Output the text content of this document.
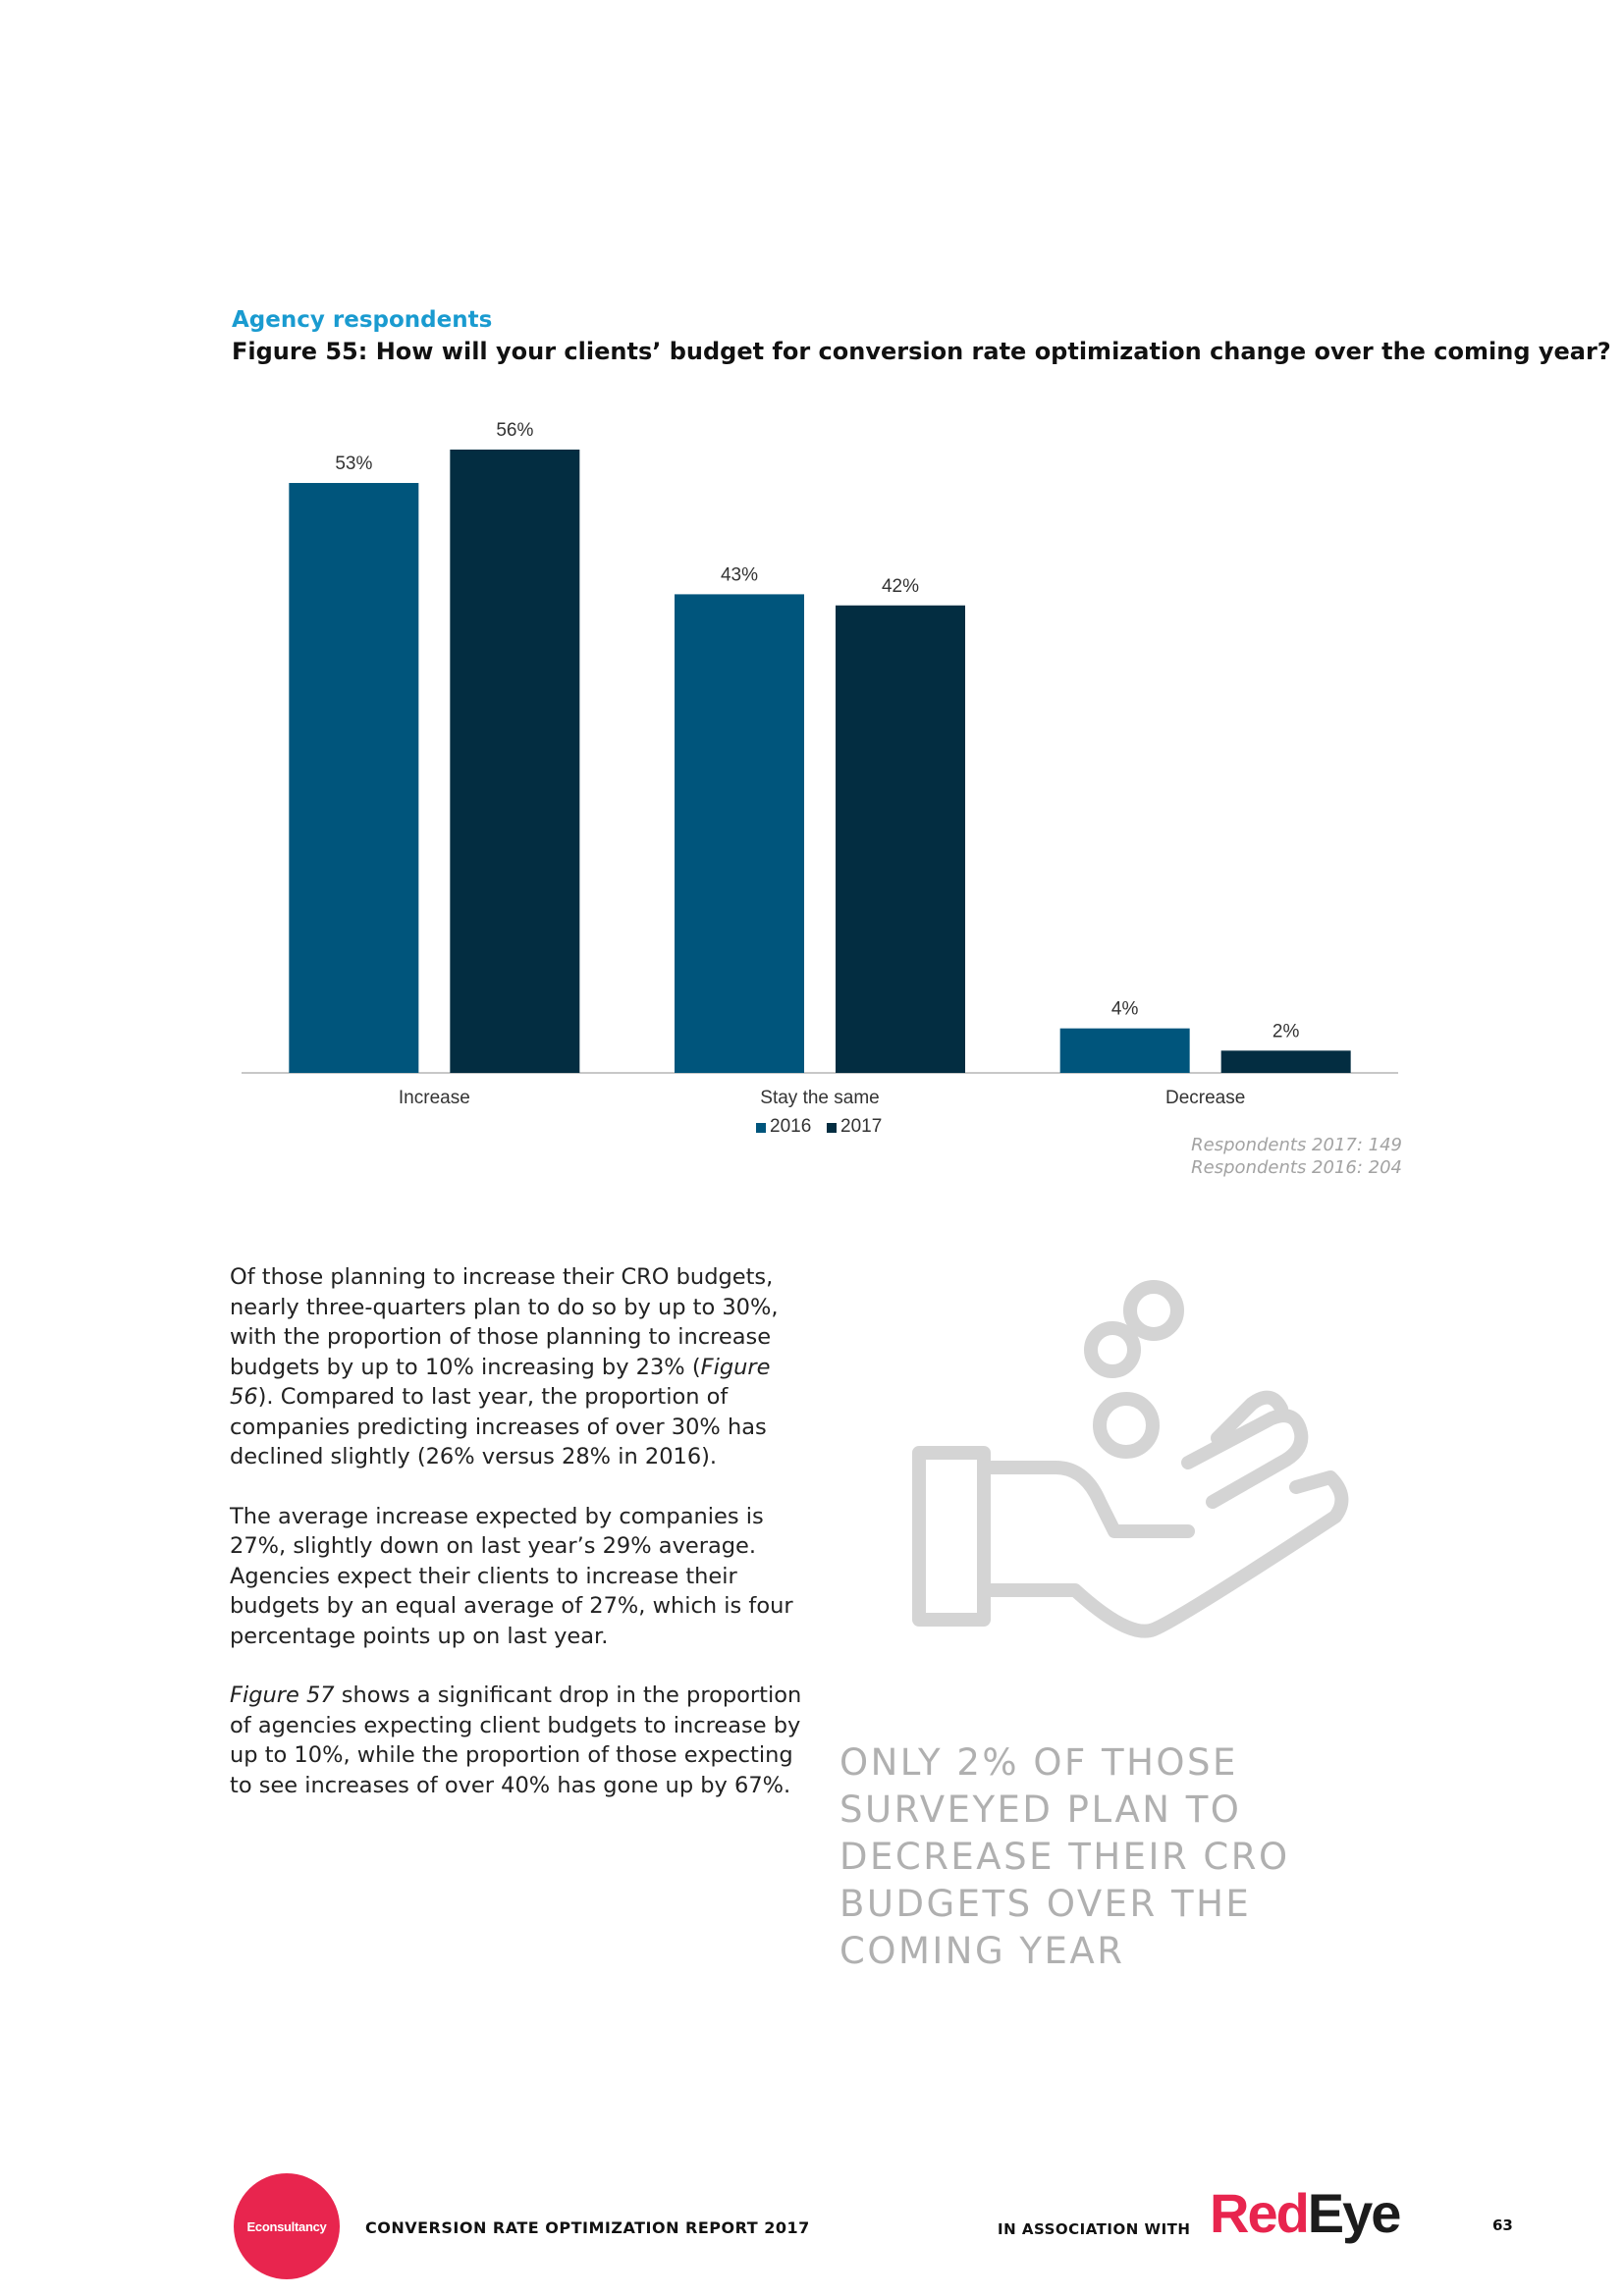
Agency respondents
Figure 55: How will your clients’ budget for conversion rate optimization change over the coming year?
53%
56%
Increase
43%
42%
Stay the same
4%
2%
Decrease
2016 2017
Respondents 2017: 149
Respondents 2016: 204

Of those planning to increase their CRO budgets, nearly three-quarters plan to do so by up to 30%, with the proportion of those planning to increase budgets by up to 10% increasing by 23% (Figure 56). Compared to last year, the proportion of companies predicting increases of over 30% has declined slightly (26% versus 28% in 2016).

The average increase expected by companies is 27%, slightly down on last year’s 29% average. Agencies expect their clients to increase their budgets by an equal average of 27%, which is four percentage points up on last year.

Figure 57 shows a significant drop in the proportion of agencies expecting client budgets to increase by up to 10%, while the proportion of those expecting to see increases of over 40% has gone up by 67%.

ONLY 2% OF THOSE SURVEYED PLAN TO DECREASE THEIR CRO BUDGETS OVER THE COMING YEAR
Econsultancy	CONVERSION RATE OPTIMIZATION REPORT 2017	IN ASSOCIATION WITH RedEye	63
